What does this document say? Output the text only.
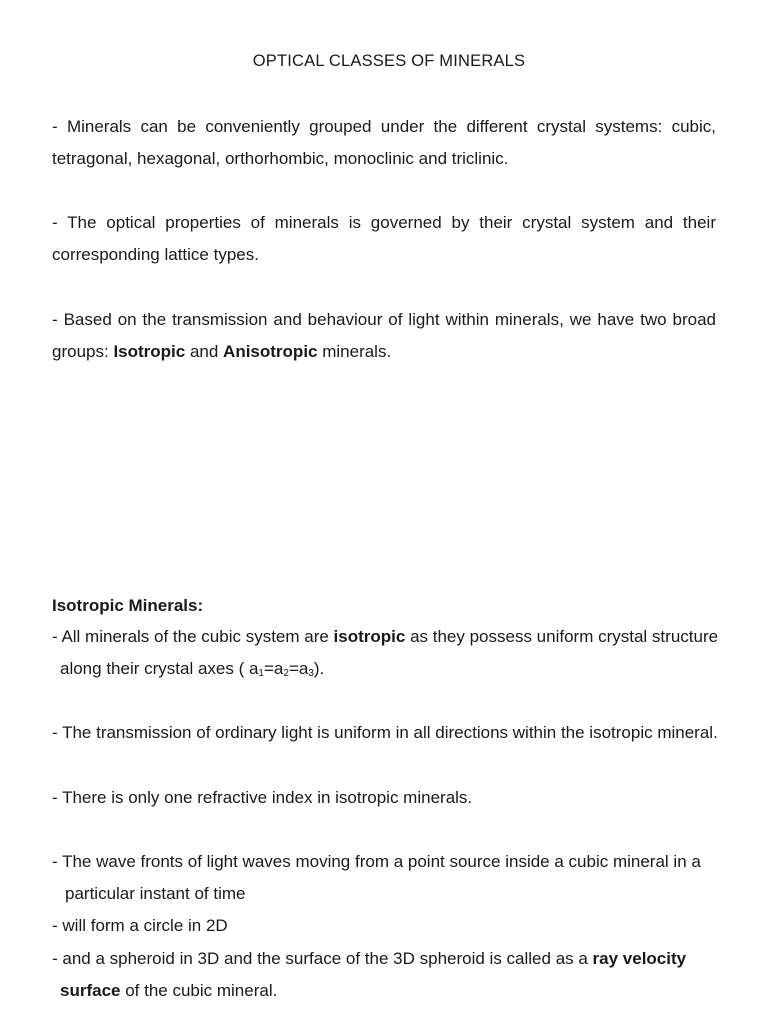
OPTICAL CLASSES OF MINERALS
- Minerals can be conveniently grouped under the different crystal systems: cubic, tetragonal, hexagonal, orthorhombic, monoclinic and triclinic.
- The optical properties of minerals is governed by their crystal system and their corresponding lattice types.
- Based on the transmission and behaviour of light within minerals, we have two broad groups: Isotropic and Anisotropic minerals.
Isotropic Minerals:
- All minerals of the cubic system are isotropic as they possess uniform crystal structure
along their crystal axes ( $a_1=a_2=a_3$).
- The transmission of ordinary light is uniform in all directions within the isotropic mineral.
- There is only one refractive index in isotropic minerals.
- The wave fronts of light waves moving from a point source inside a cubic mineral in a
particular instant of time
- will form a circle in 2D
- and a spheroid in 3D and the surface of the 3D spheroid is called as a ray velocity
surface of the cubic mineral.
